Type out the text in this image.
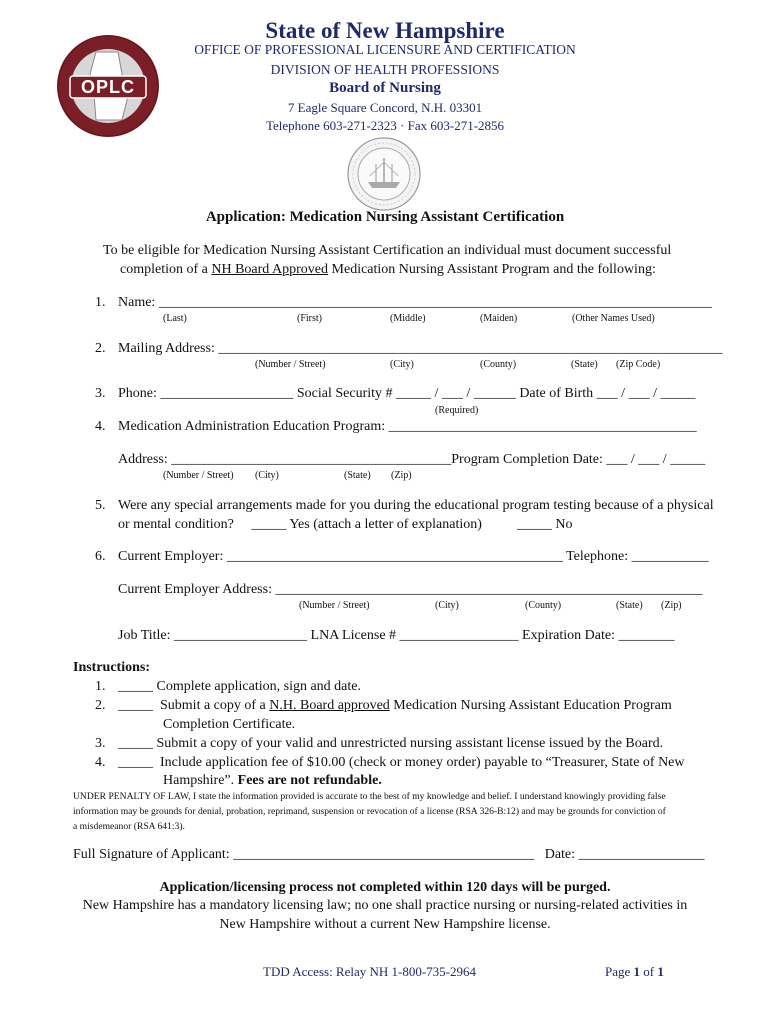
OPLC
State of New Hampshire
OFFICE OF PROFESSIONAL LICENSURE AND CERTIFICATION
DIVISION OF HEALTH PROFESSIONS
Board of Nursing
7 Eagle Square Concord, N.H. 03301
Telephone 603-271-2323 · Fax 603-271-2856
Application: Medication Nursing Assistant Certification
To be eligible for Medication Nursing Assistant Certification an individual must document successful
completion of a NH Board Approved Medication Nursing Assistant Program and the following:
1. Name: _______________________________________________________________________________
(Last)	(First)	(Middle)	(Maiden)	(Other Names Used)
2. Mailing Address: ________________________________________________________________________
(Number / Street)	(City)	(County)	(State) (Zip Code)
3. Phone: ___________________ Social Security # _____ / ___ / ______ Date of Birth ___ / ___ / _____
(Required)
4. Medication Administration Education Program: ____________________________________________
Address: ________________________________________Program Completion Date: ___ / ___ / _____
(Number / Street) (City)	(State) (Zip)
5. Were any special arrangements made for you during the educational program testing because of a physical
or mental condition?     _____ Yes (attach a letter of explanation)          _____ No
6. Current Employer: ________________________________________________ Telephone: ___________
Current Employer Address: _____________________________________________________________
(Number / Street)	(City)	(County)	(State) (Zip)
Job Title: ___________________ LNA License # _________________ Expiration Date: ________
Instructions:
1. _____ Complete application, sign and date.
2. _____  Submit a copy of a N.H. Board approved Medication Nursing Assistant Education Program
Completion Certificate.
3. _____ Submit a copy of your valid and unrestricted nursing assistant license issued by the Board.
4. _____  Include application fee of $10.00 (check or money order) payable to “Treasurer, State of New
Hampshire”. Fees are not refundable.
UNDER PENALTY OF LAW, I state the information provided is accurate to the best of my knowledge and belief. I understand knowingly providing false
information may be grounds for denial, probation, reprimand, suspension or revocation of a license (RSA 326-B:12) and may be grounds for conviction of
a misdemeanor (RSA 641:3).
Full Signature of Applicant: ___________________________________________   Date: __________________
Application/licensing process not completed within 120 days will be purged.
New Hampshire has a mandatory licensing law; no one shall practice nursing or nursing-related activities in
New Hampshire without a current New Hampshire license.
TDD Access: Relay NH 1-800-735-2964	Page 1 of 1
